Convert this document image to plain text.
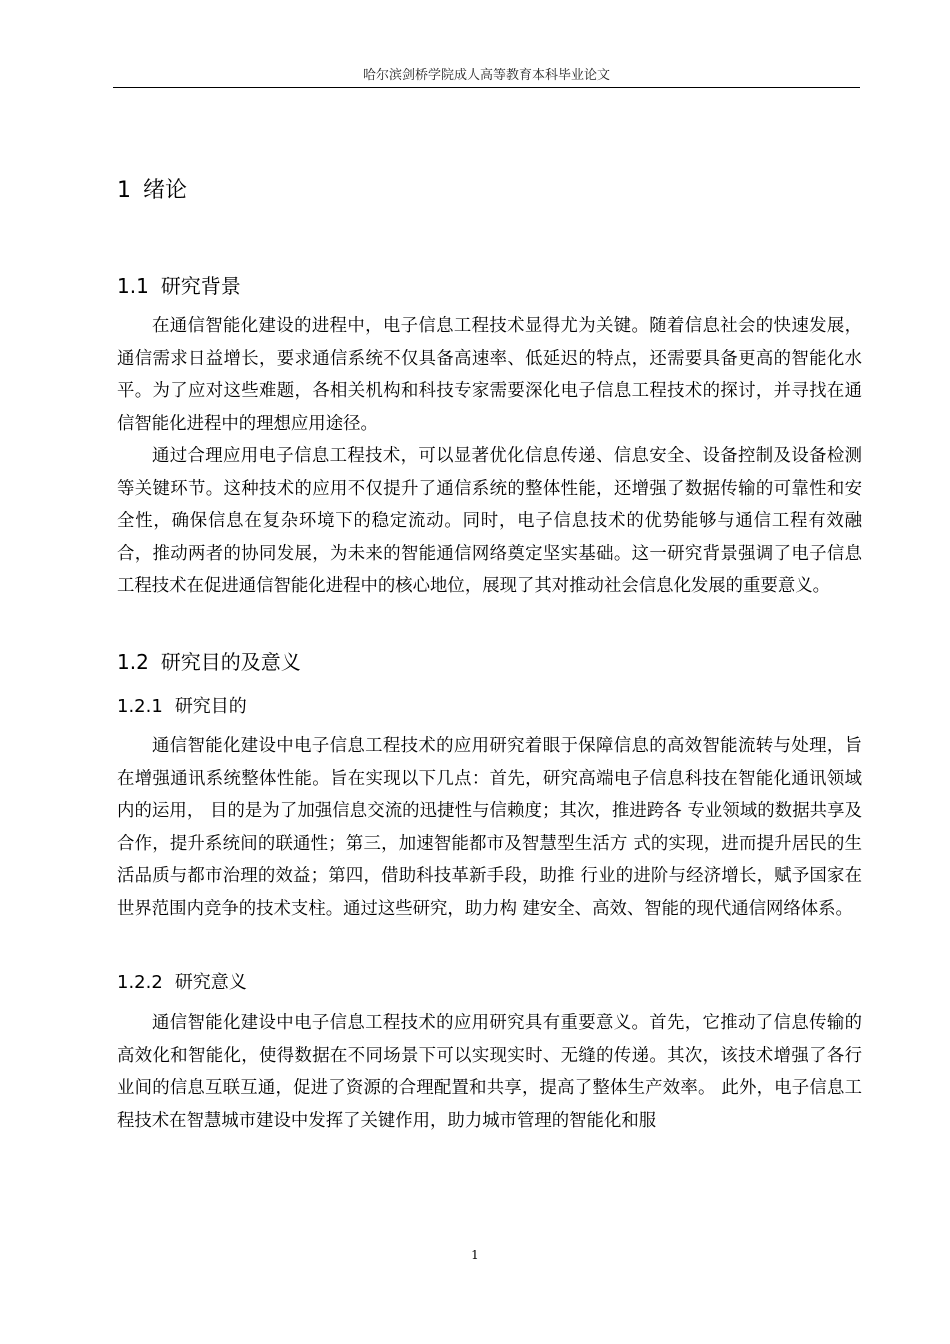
哈尔滨剑桥学院成人高等教育本科毕业论文
1 绪论
1.1 研究背景

在通信智能化建设的进程中，电子信息工程技术显得尤为关键。随着信息社会的快速发展，通信需求日益增长，要求通信系统不仅具备高速率、低延迟的特点，还需要具备更高的智能化水平。为了应对这些难题，各相关机构和科技专家需要深化电子信息工程技术的探讨，并寻找在通信智能化进程中的理想应用途径。

通过合理应用电子信息工程技术，可以显著优化信息传递、信息安全、设备控制及设备检测等关键环节。这种技术的应用不仅提升了通信系统的整体性能，还增强了数据传输的可靠性和安全性，确保信息在复杂环境下的稳定流动。同时，电子信息技术的优势能够与通信工程有效融合，推动两者的协同发展，为未来的智能通信网络奠定坚实基础。这一研究背景强调了电子信息工程技术在促进通信智能化进程中的核心地位，展现了其对推动社会信息化发展的重要意义。

1.2 研究目的及意义
1.2.1 研究目的

通信智能化建设中电子信息工程技术的应用研究着眼于保障信息的高效智能流转与处理，旨在增强通讯系统整体性能。旨在实现以下几点：首先，研究高端电子信息科技在智能化通讯领域内的运用， 目的是为了加强信息交流的迅捷性与信赖度；其次，推进跨各 专业领域的数据共享及合作，提升系统间的联通性；第三，加速智能都市及智慧型生活方 式的实现，进而提升居民的生活品质与都市治理的效益；第四，借助科技革新手段，助推 行业的进阶与经济增长，赋予国家在世界范围内竞争的技术支柱。通过这些研究，助力构 建安全、高效、智能的现代通信网络体系。

1.2.2 研究意义

通信智能化建设中电子信息工程技术的应用研究具有重要意义。首先，它推动了信息传输的高效化和智能化，使得数据在不同场景下可以实现实时、无缝的传递。其次，该技术增强了各行业间的信息互联互通，促进了资源的合理配置和共享，提高了整体生产效率。 此外，电子信息工程技术在智慧城市建设中发挥了关键作用，助力城市管理的智能化和服

1
